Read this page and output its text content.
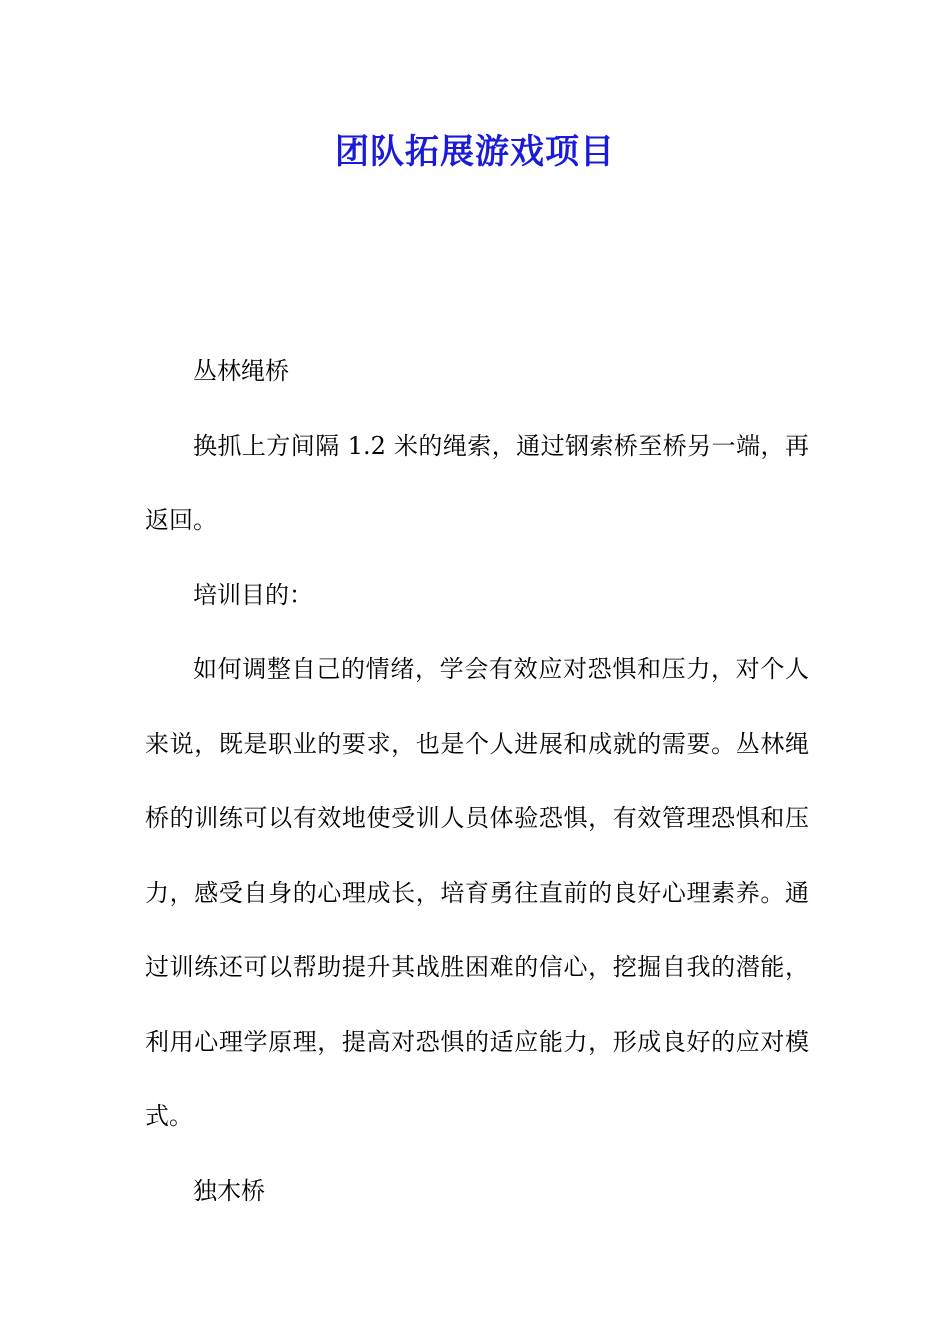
团队拓展游戏项目

丛林绳桥

换抓上方间隔 1.2 米的绳索，通过钢索桥至桥另一端，再返回。

培训目的：

如何调整自己的情绪，学会有效应对恐惧和压力，对个人来说，既是职业的要求，也是个人进展和成就的需要。丛林绳桥的训练可以有效地使受训人员体验恐惧，有效管理恐惧和压力，感受自身的心理成长，培育勇往直前的良好心理素养。通过训练还可以帮助提升其战胜困难的信心，挖掘自我的潜能，利用心理学原理，提高对恐惧的适应能力，形成良好的应对模式。

独木桥
